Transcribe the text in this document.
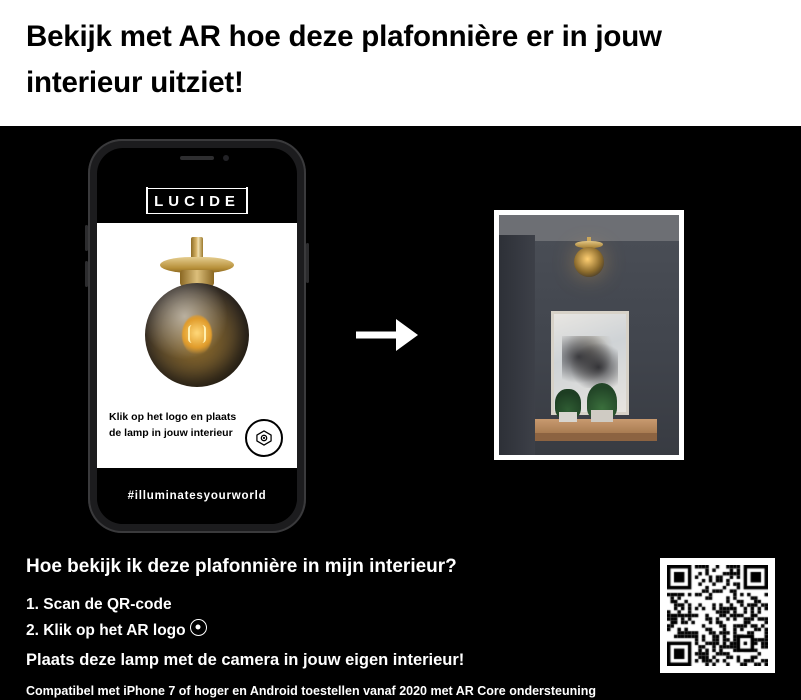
Bekijk met AR hoe deze plafonnière er in jouw interieur uitziet!
LUCIDE
Klik op het logo en plaats de lamp in jouw interieur
#illuminatesyourworld
Hoe bekijk ik deze plafonnière in mijn interieur?
1. Scan de QR-code
2. Klik op het AR logo
Plaats deze lamp met de camera in jouw eigen interieur!
Compatibel met iPhone 7 of hoger en Android toestellen vanaf 2020 met AR Core ondersteuning
